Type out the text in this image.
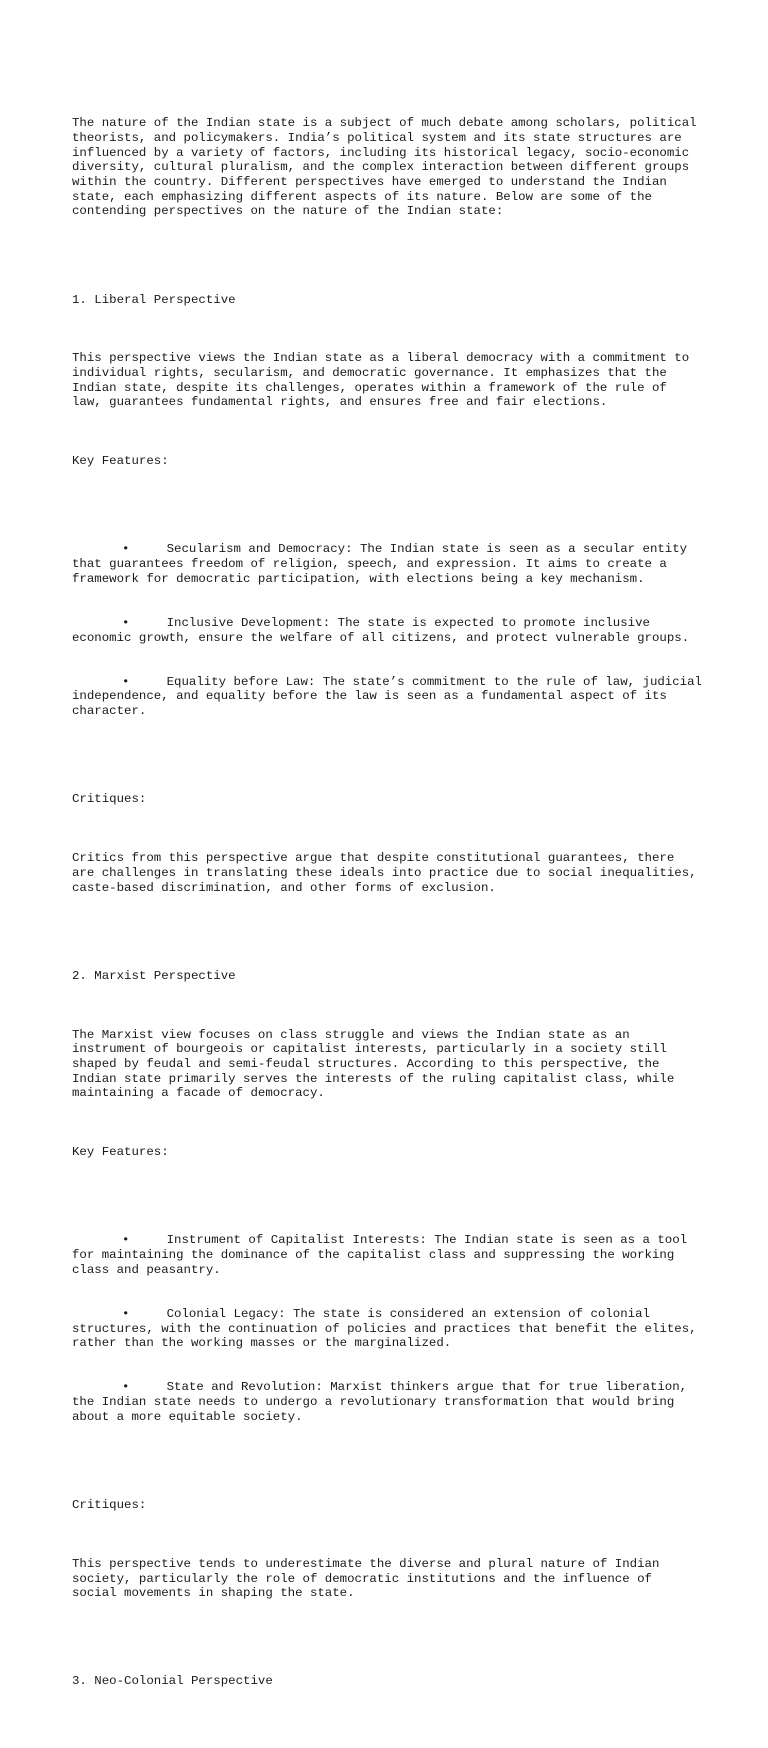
The nature of the Indian state is a subject of much debate among scholars, political theorists, and policymakers. India’s political system and its state structures are influenced by a variety of factors, including its historical legacy, socio-economic diversity, cultural pluralism, and the complex interaction between different groups within the country. Different perspectives have emerged to understand the Indian state, each emphasizing different aspects of its nature. Below are some of the contending perspectives on the nature of the Indian state:

1. Liberal Perspective

This perspective views the Indian state as a liberal democracy with a commitment to individual rights, secularism, and democratic governance. It emphasizes that the Indian state, despite its challenges, operates within a framework of the rule of law, guarantees fundamental rights, and ensures free and fair elections.

Key Features:

•	Secularism and Democracy: The Indian state is seen as a secular entity that guarantees freedom of religion, speech, and expression. It aims to create a framework for democratic participation, with elections being a key mechanism.

•	Inclusive Development: The state is expected to promote inclusive economic growth, ensure the welfare of all citizens, and protect vulnerable groups.

•	Equality before Law: The state’s commitment to the rule of law, judicial independence, and equality before the law is seen as a fundamental aspect of its character.

Critiques:

Critics from this perspective argue that despite constitutional guarantees, there are challenges in translating these ideals into practice due to social inequalities, caste-based discrimination, and other forms of exclusion.

2. Marxist Perspective

The Marxist view focuses on class struggle and views the Indian state as an instrument of bourgeois or capitalist interests, particularly in a society still shaped by feudal and semi-feudal structures. According to this perspective, the Indian state primarily serves the interests of the ruling capitalist class, while maintaining a facade of democracy.

Key Features:

•	Instrument of Capitalist Interests: The Indian state is seen as a tool for maintaining the dominance of the capitalist class and suppressing the working class and peasantry.

•	Colonial Legacy: The state is considered an extension of colonial structures, with the continuation of policies and practices that benefit the elites, rather than the working masses or the marginalized.

•	State and Revolution: Marxist thinkers argue that for true liberation, the Indian state needs to undergo a revolutionary transformation that would bring about a more equitable society.

Critiques:

This perspective tends to underestimate the diverse and plural nature of Indian society, particularly the role of democratic institutions and the influence of social movements in shaping the state.

3. Neo-Colonial Perspective
